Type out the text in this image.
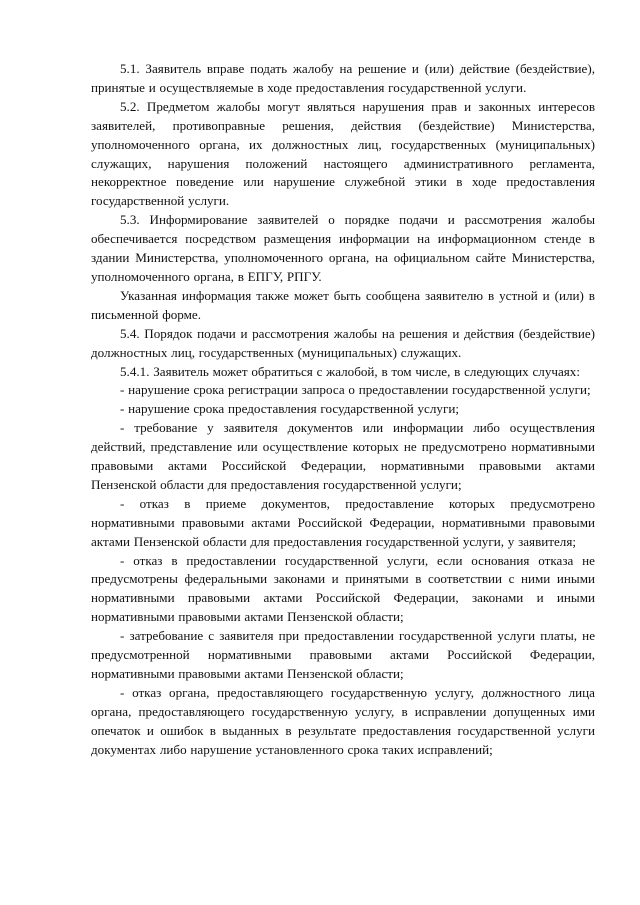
5.1. Заявитель вправе подать жалобу на решение и (или) действие (бездействие), принятые и осуществляемые в ходе предоставления государственной услуги.

5.2. Предметом жалобы могут являться нарушения прав и законных интересов заявителей, противоправные решения, действия (бездействие) Министерства, уполномоченного органа, их должностных лиц, государственных (муниципальных) служащих, нарушения положений настоящего административного регламента, некорректное поведение или нарушение служебной этики в ходе предоставления государственной услуги.

5.3. Информирование заявителей о порядке подачи и рассмотрения жалобы обеспечивается посредством размещения информации на информационном стенде в здании Министерства, уполномоченного органа, на официальном сайте Министерства, уполномоченного органа, в ЕПГУ, РПГУ.

Указанная информация также может быть сообщена заявителю в устной и (или) в письменной форме.

5.4. Порядок подачи и рассмотрения жалобы на решения и действия (бездействие) должностных лиц, государственных (муниципальных) служащих.

5.4.1. Заявитель может обратиться с жалобой, в том числе, в следующих случаях:

- нарушение срока регистрации запроса о предоставлении государственной услуги;

- нарушение срока предоставления государственной услуги;

- требование у заявителя документов или информации либо осуществления действий, представление или осуществление которых не предусмотрено нормативными правовыми актами Российской Федерации, нормативными правовыми актами Пензенской области для предоставления государственной услуги;

- отказ в приеме документов, предоставление которых предусмотрено нормативными правовыми актами Российской Федерации, нормативными правовыми актами Пензенской области для предоставления государственной услуги, у заявителя;

- отказ в предоставлении государственной услуги, если основания отказа не предусмотрены федеральными законами и принятыми в соответствии с ними иными нормативными правовыми актами Российской Федерации, законами и иными нормативными правовыми актами Пензенской области;

- затребование с заявителя при предоставлении государственной услуги платы, не предусмотренной нормативными правовыми актами Российской Федерации, нормативными правовыми актами Пензенской области;

- отказ органа, предоставляющего государственную услугу, должностного лица органа, предоставляющего государственную услугу, в исправлении допущенных ими опечаток и ошибок в выданных в результате предоставления государственной услуги документах либо нарушение установленного срока таких исправлений;
